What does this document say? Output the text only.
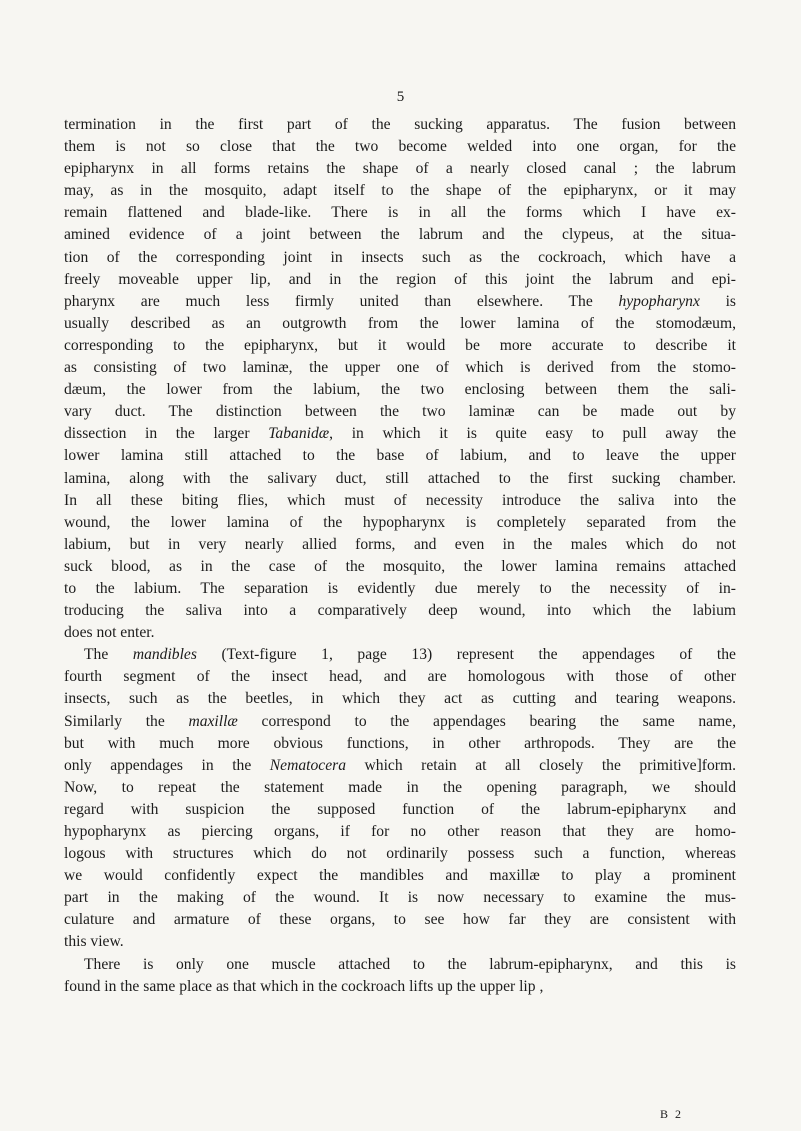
5
termination in the first part of the sucking apparatus. The fusion between
them is not so close that the two become welded into one organ, for the
epipharynx in all forms retains the shape of a nearly closed canal ; the labrum
may, as in the mosquito, adapt itself to the shape of the epipharynx, or it may
remain flattened and blade-like. There is in all the forms which I have ex-
amined evidence of a joint between the labrum and the clypeus, at the situa-
tion of the corresponding joint in insects such as the cockroach, which have a
freely moveable upper lip, and in the region of this joint the labrum and epi-
pharynx are much less firmly united than elsewhere. The hypopharynx is
usually described as an outgrowth from the lower lamina of the stomodæum,
corresponding to the epipharynx, but it would be more accurate to describe it
as consisting of two laminæ, the upper one of which is derived from the stomo-
dæum, the lower from the labium, the two enclosing between them the sali-
vary duct. The distinction between the two laminæ can be made out by
dissection in the larger Tabanidæ, in which it is quite easy to pull away the
lower lamina still attached to the base of labium, and to leave the upper
lamina, along with the salivary duct, still attached to the first sucking chamber.
In all these biting flies, which must of necessity introduce the saliva into the
wound, the lower lamina of the hypopharynx is completely separated from the
labium, but in very nearly allied forms, and even in the males which do not
suck blood, as in the case of the mosquito, the lower lamina remains attached
to the labium. The separation is evidently due merely to the necessity of in-
troducing the saliva into a comparatively deep wound, into which the labium
does not enter.
The mandibles (Text-figure 1, page 13) represent the appendages of the
fourth segment of the insect head, and are homologous with those of other
insects, such as the beetles, in which they act as cutting and tearing weapons.
Similarly the maxillæ correspond to the appendages bearing the same name,
but with much more obvious functions, in other arthropods. They are the
only appendages in the Nematocera which retain at all closely the primitive]form.
Now, to repeat the statement made in the opening paragraph, we should
regard with suspicion the supposed function of the labrum-epipharynx and
hypopharynx as piercing organs, if for no other reason that they are homo-
logous with structures which do not ordinarily possess such a function, whereas
we would confidently expect the mandibles and maxillæ to play a prominent
part in the making of the wound. It is now necessary to examine the mus-
culature and armature of these organs, to see how far they are consistent with
this view.
There is only one muscle attached to the labrum-epipharynx, and this is
found in the same place as that which in the cockroach lifts up the upper lip ,
B 2
